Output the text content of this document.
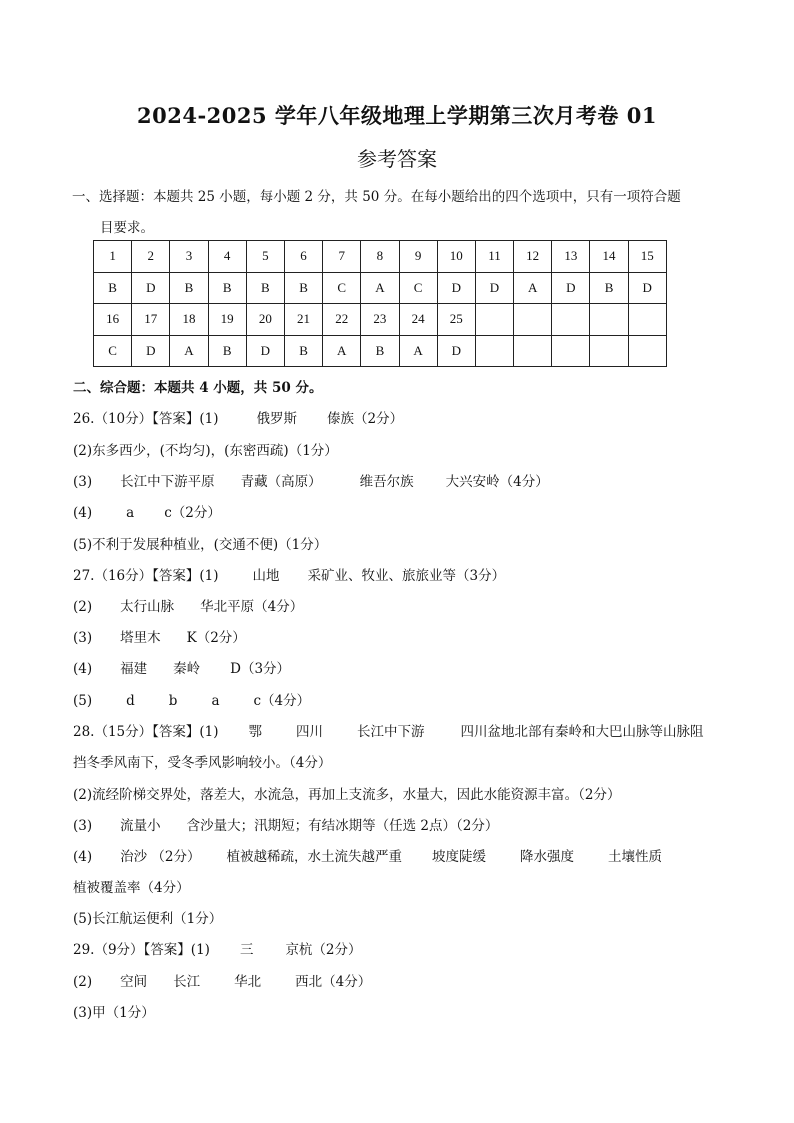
2024-2025 学年八年级地理上学期第三次月考卷 01
参考答案
一、选择题：本题共 25 小题，每小题 2 分，共 50 分。在每小题给出的四个选项中，只有一项符合题
目要求。
1	2	3	4	5	6	7	8	9	10	11	12	13	14	15
B	D	B	B	B	B	C	A	C	D	D	A	D	B	D
16	17	18	19	20	21	22	23	24	25					
C	D	A	B	D	B	A	B	A	D					
二、综合题：本题共 4 小题，共 50 分。
26.（10分）【答案】(1)	俄罗斯 傣族（2分）
(2)东多西少，(不均匀)，(东密西疏)（1分）
(3) 长江中下游平原 青藏（高原）	维吾尔族 大兴安岭（4分）
(4)	a c（2分）
(5)不利于发展种植业，(交通不便)（1分）
27.（16分）【答案】(1)	山地 采矿业、牧业、旅旅业等（3分）
(2) 太行山脉 华北平原（4分）
(3) 塔里木 K（2分）
(4) 福建 秦岭 D（3分）
(5)	d	b	a	c（4分）
28.（15分）【答案】(1) 鄂	四川	长江中下游	四川盆地北部有秦岭和大巴山脉等山脉阻
挡冬季风南下，受冬季风影响较小。（4分）
(2)流经阶梯交界处，落差大，水流急，再加上支流多，水量大，因此水能资源丰富。（2分）
(3) 流量小 含沙量大；汛期短；有结冰期等（任选 2点）（2分）
(4) 治沙 （2分） 植被越稀疏，水土流失越严重 坡度陡缓	降水强度	土壤性质
植被覆盖率（4分）
(5)长江航运便利（1分）
29.（9分）【答案】(1) 三 京杭（2分）
(2) 空间 长江	华北	西北（4分）
(3)甲（1分）
